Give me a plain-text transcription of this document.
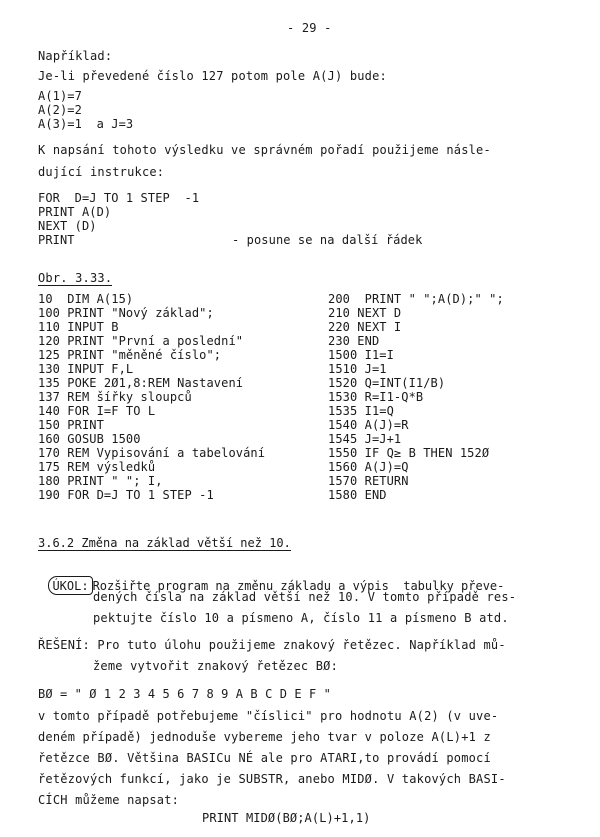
- 29 -
Například:
Je-li převedené číslo 127 potom pole A(J) bude:
A(1)=7
A(2)=2
A(3)=1  a J=3
K napsání tohoto výsledku ve správném pořadí použijeme násle-
dující instrukce:
FOR  D=J TO 1 STEP  -1
PRINT A(D)
NEXT (D)
PRINT	- posune se na další řádek
Obr. 3.33.
10  DIM A(15)
100 PRINT "Nový základ";
110 INPUT B
120 PRINT "První a poslední"
125 PRINT "měněné číslo";
130 INPUT F,L
135 POKE 2Ø1,8:REM Nastavení
137 REM šířky sloupců
140 FOR I=F TO L
150 PRINT
160 GOSUB 1500
170 REM Vypisování a tabelování
175 REM výsledků
180 PRINT " "; I,
190 FOR D=J TO 1 STEP -1
200  PRINT " ";A(D);" ";
210 NEXT D
220 NEXT I
230 END
1500 I1=I
1510 J=1
1520 Q=INT(I1/B)
1530 R=I1-Q*B
1535 I1=Q
1540 A(J)=R
1545 J=J+1
1550 IF Q≥ B THEN 152Ø
1560 A(J)=Q
1570 RETURN
1580 END
3.6.2 Změna na základ větší než 10.

ÚKOL: Rozšiřte program na změnu základu a výpis  tabulky převe-

dených čísla na základ větší než 10. V tomto případě res-
pektujte číslo 10 a písmeno A, číslo 11 a písmeno B atd.
ŘEŠENÍ: Pro tuto úlohu použijeme znakový řetězec. Například mů-
žeme vytvořit znakový řetězec BØ:
BØ = " Ø 1 2 3 4 5 6 7 8 9 A B C D E F "
v tomto případě potřebujeme "číslici" pro hodnotu A(2) (v uve-
deném případě) jednoduše vybereme jeho tvar v poloze A(L)+1 z
řetězce BØ. Většina BASICu NÉ ale pro ATARI,to provádí pomocí
řetězových funkcí, jako je SUBSTR, anebo MIDØ. V takových BASI-
CÍCH můžeme napsat:
PRINT MIDØ(BØ;A(L)+1,1)
